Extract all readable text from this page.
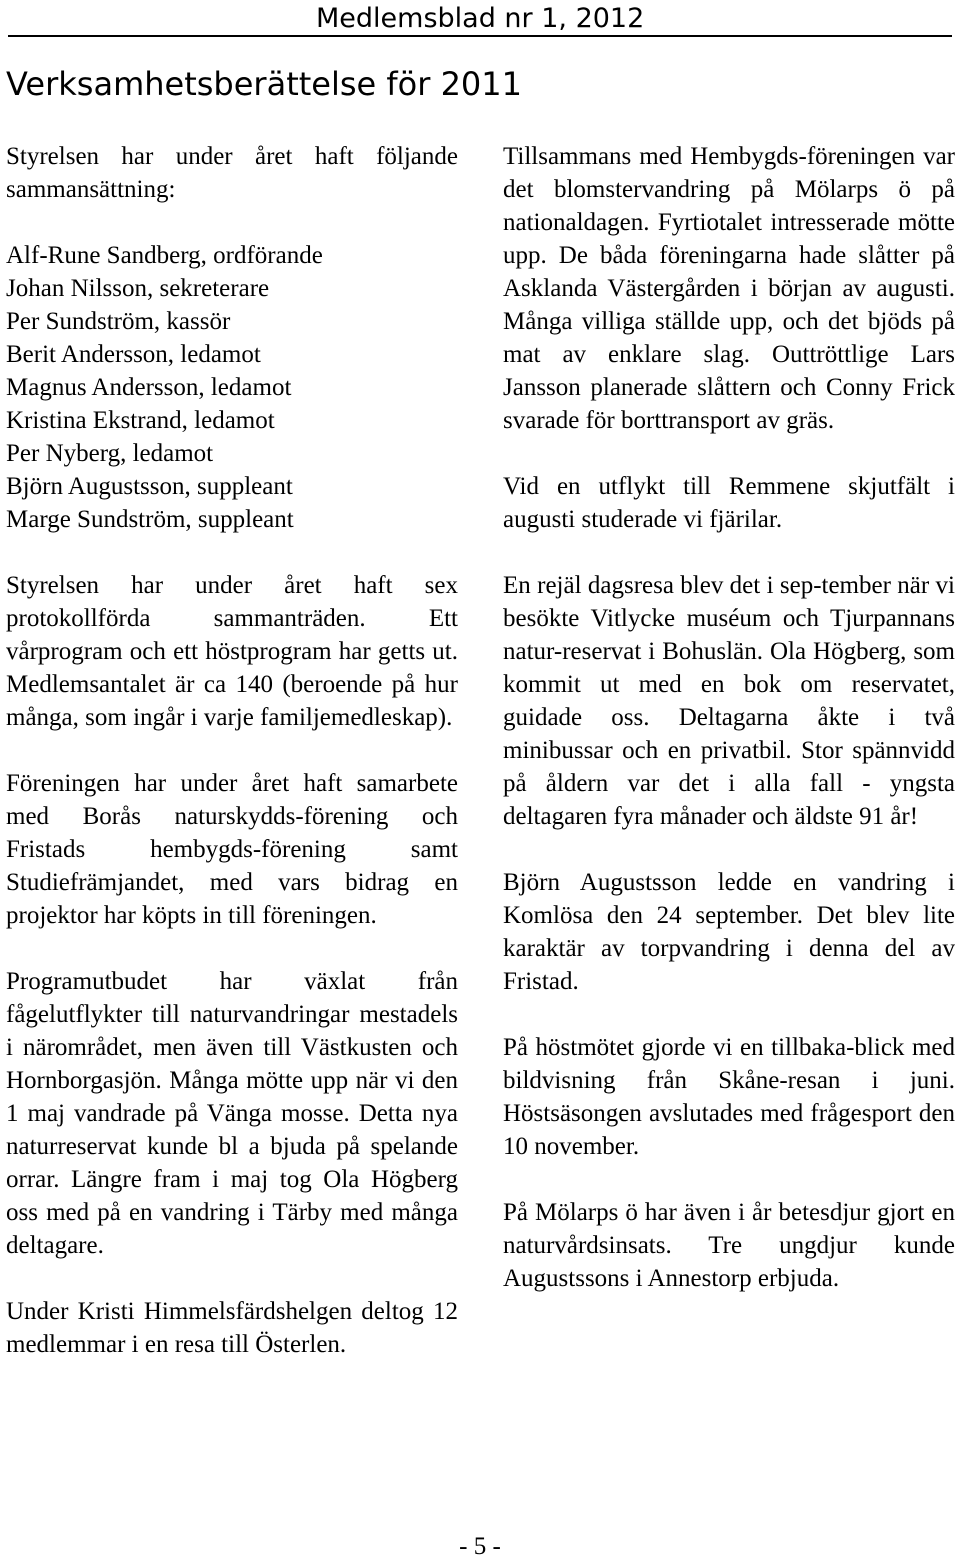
Medlemsblad nr 1, 2012
Verksamhetsberättelse för 2011

Styrelsen har under året haft följande sammansättning:

Alf-Rune Sandberg, ordförande
Johan Nilsson, sekreterare
Per Sundström, kassör
Berit Andersson, ledamot
Magnus Andersson, ledamot
Kristina Ekstrand, ledamot
Per Nyberg, ledamot
Björn Augustsson, suppleant
Marge Sundström, suppleant

Styrelsen har under året haft sex protokollförda sammanträden. Ett vårprogram och ett höstprogram har getts ut. Medlemsantalet är ca 140 (beroende på hur många, som ingår i varje familjemedleskap).

Föreningen har under året haft samarbete med Borås naturskydds-förening och Fristads hembygds-förening samt Studiefrämjandet, med vars bidrag en projektor har köpts in till föreningen.

Programutbudet har växlat från fågelutflykter till naturvandringar mestadels i närområdet, men även till Västkusten och Hornborgasjön. Många mötte upp när vi den 1 maj vandrade på Vänga mosse. Detta nya naturreservat kunde bl a bjuda på spelande orrar. Längre fram i maj tog Ola Högberg oss med på en vandring i Tärby med många deltagare.

Under Kristi Himmelsfärdshelgen deltog 12 medlemmar i en resa till Österlen.

Tillsammans med Hembygds-föreningen var det blomstervandring på Mölarps ö på nationaldagen. Fyrtiotalet intresserade mötte upp. De båda föreningarna hade slåtter på Asklanda Västergården i början av augusti. Många villiga ställde upp, och det bjöds på mat av enklare slag. Outtröttlige Lars Jansson planerade slåttern och Conny Frick svarade för borttransport av gräs.

Vid en utflykt till Remmene skjutfält i augusti studerade vi fjärilar.

En rejäl dagsresa blev det i sep-tember när vi besökte Vitlycke muséum och Tjurpannans natur-reservat i Bohuslän. Ola Högberg, som kommit ut med en bok om reservatet, guidade oss. Deltagarna åkte i två minibussar och en privatbil. Stor spännvidd på åldern var det i alla fall - yngsta deltagaren fyra månader och äldste 91 år!

Björn Augustsson ledde en vandring i Komlösa den 24 september. Det blev lite karaktär av torpvandring i denna del av Fristad.

På höstmötet gjorde vi en tillbaka-blick med bildvisning från Skåne-resan i juni. Höstsäsongen avslutades med frågesport den 10 november.

På Mölarps ö har även i år betesdjur gjort en naturvårdsinsats. Tre ungdjur kunde Augustssons i Annestorp erbjuda.

- 5 -
